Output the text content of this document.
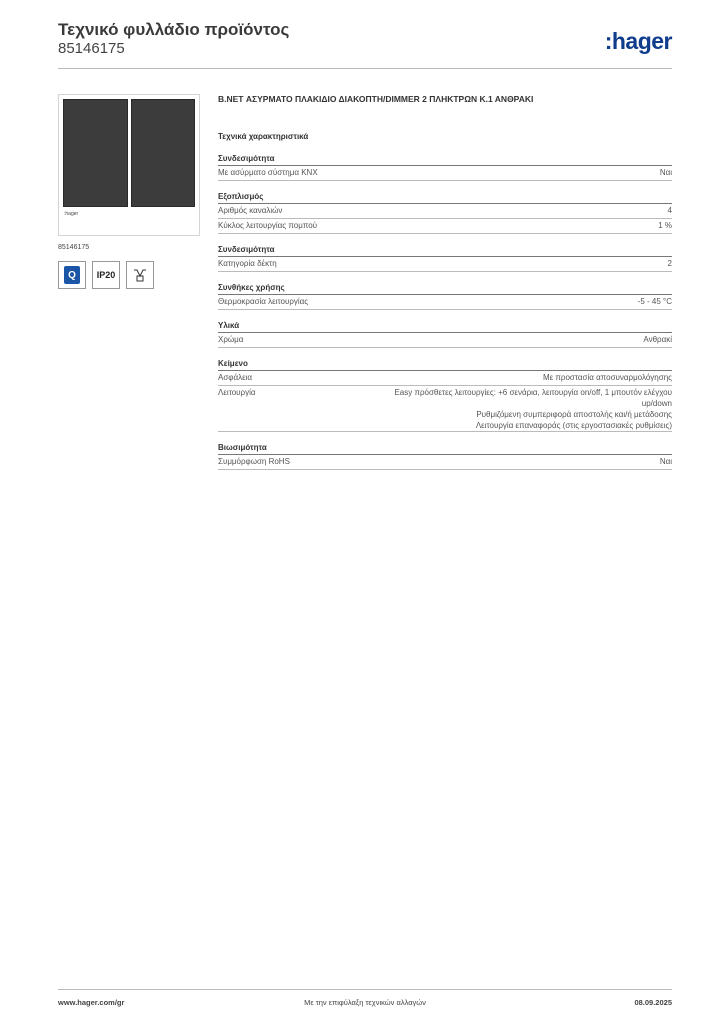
Τεχνικό φυλλάδιο προϊόντος
85146175	:hager
:hager
85146175
Q	IP20
B.NET ΑΣΥΡΜΑΤΟ ΠΛΑΚΙΔΙΟ ΔΙΑΚΟΠΤΗ/DIMMER 2 ΠΛΗΚΤΡΩΝ Κ.1 ΑΝΘΡΑΚΙ
Τεχνικά χαρακτηριστικά
Συνδεσιμότητα
Με ασύρματο σύστημα KNX	Ναι
Εξοπλισμός
Αριθμός καναλιών	4
Κύκλος λειτουργίας πομπού	1 %
Συνδεσιμότητα
Κατηγορία δέκτη	2
Συνθήκες χρήσης
Θερμοκρασία λειτουργίας	-5 - 45 °C
Υλικά
Χρώμα	Ανθρακί
Κείμενο
Ασφάλεια	Με προστασία αποσυναρμολόγησης
Λειτουργία	Easy πρόσθετες λειτουργίες: +6 σενάρια, λειτουργία on/off, 1 μπουτόν ελέγχου
up/down
Ρυθμιζόμενη συμπεριφορά αποστολής και/ή μετάδοσης
Λειτουργία επαναφοράς (στις εργοστασιακές ρυθμίσεις)
Βιωσιμότητα
Συμμόρφωση RoHS	Ναι
www.hager.com/gr	Με την επιφύλαξη τεχνικών αλλαγών	08.09.2025
